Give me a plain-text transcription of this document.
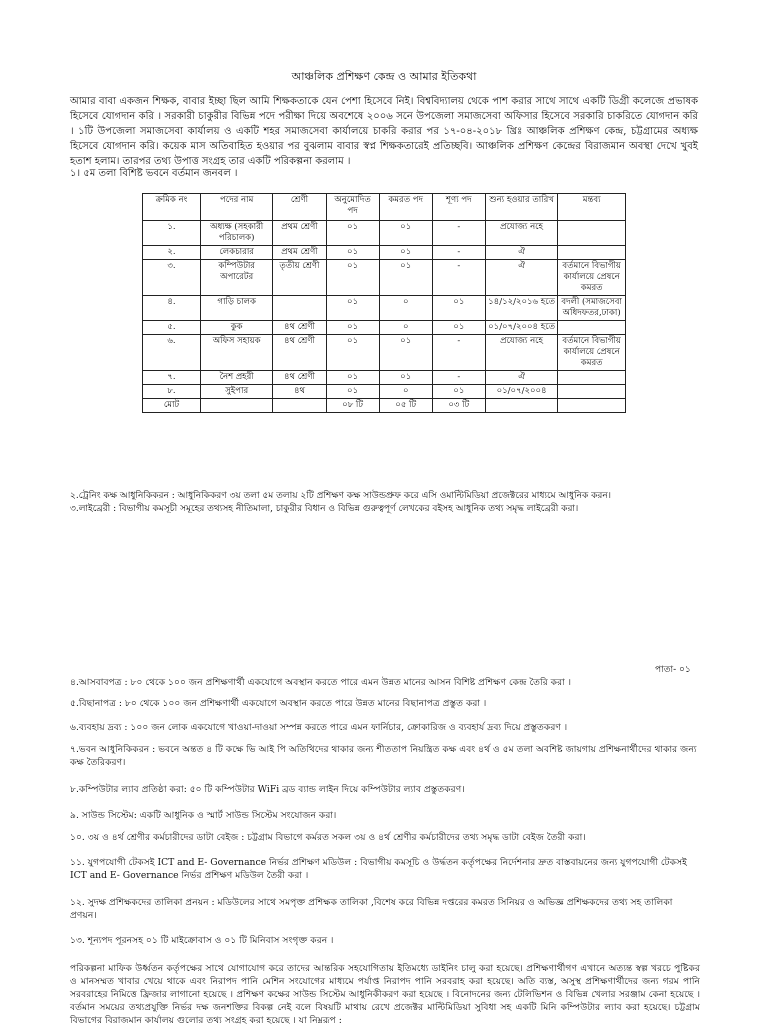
আঞ্চলিক প্রশিক্ষণ কেন্দ্র ও আমার ইতিকথা
আমার বাবা একজন শিক্ষক, বাবার ইচ্ছা ছিল আমি শিক্ষকতাকে যেন পেশা হিসেবে নিই। বিশ্ববিদ্যালয় থেকে পাশ করার সাথে সাথে একটি ডিগ্রী কলেজে প্রভাষক হিসেবে যোগদান করি । সরকারী চাকুরীর বিভিন্ন পদে পরীক্ষা দিয়ে অবশেষে ২০০৬ সনে উপজেলা সমাজসেবা অফিসার হিসেবে সরকারি চাকরিতে যোগদান করি । ১টি উপজেলা সমাজসেবা কার্যালয় ও একটি শহর সমাজসেবা কার্যালয়ে চাকরি করার পর ১৭-০৪-২০১৮ খ্রিঃ আঞ্চলিক প্রশিক্ষণ কেন্দ্র, চট্টগ্রামের অধ্যক্ষ হিসেবে যোগদান করি। কয়েক মাস অতিবাহিত হওয়ার পর বুঝলাম বাবার স্বপ্ন শিক্ষকতারেই প্রতিচ্ছবি। আঞ্চলিক প্রশিক্ষণ কেন্দ্রের বিরাজমান অবস্থা দেখে খুবই হতাশ হলাম। তারপর তথ্য উপাত্ত সংগ্রহ তার একটি পরিকল্পনা করলাম ।
১। ৫ম তলা বিশিষ্ট ভবনে বর্তমান জনবল ।
ক্রমিক নং	পদের নাম	শ্রেণী	অনুমোদিত পদ	কমরত পদ	শূণ্য পদ	শুন্য হওয়ার তারিখ	মন্তব্য
১.	অধ্যক্ষ (সহকারী পরিচালক)	প্রথম শ্রেণী	০১	০১	-	প্রযোজ্য নহে	
২.	লেকচারার	প্রথম শ্রেণী	০১	০১	-	ঐ	
৩.	কম্পিউটার অপারেটর	তৃতীয় শ্রেণী	০১	০১	-	ঐ	বর্তমানে বিভাগীয় কার্যালয়ে প্রেষনে কমরত
৪.	গাড়ি চালক		০১	০	০১	১৪/১২/২০১৬ হতে	বদলী (সমাজসেবা অধিদফতর,ঢাকা)
৫.	কুক	৪থ শ্রেণী	০১	০	০১	০১/০৭/২০০৪ হতে	
৬.	অফিস সহায়ক	৪থ শ্রেণী	০১	০১	-	প্রযোজ্য নহে	বর্তমানে বিভাগীয় কার্যালয়ে প্রেষনে কমরত
৭.	নৈশ প্রহরী	৪থ শ্রেণী	০১	০১	-	ঐ	
৮.	সুইপার	৪থ	০১	০	০১	০১/০৭/২০০৪	
মোট			০৮ টি	০৫ টি	০৩ টি		
২.ট্রেনিং কক্ষ আধুনিকিকরন : আধুনিকিকরণ ৩য় তলা ৫ম তলায় ২টি প্রশিক্ষণ কক্ষ সাউন্ডপ্রুফ করে এসি ওমাল্টিমিডিয়া প্রজেক্টরের মাধ্যমে আধুনিক করন।
৩.লাইব্রেরী : বিভাগীয় কমসূচী সমূহের তথ্যসহ নীতিমালা, চাকুরীর বিধান ও বিভিন্ন গুরুত্বপূর্ণ লেখকের বইসহ আধুনিক তথ্য সমৃদ্ধ লাইব্রেরী করা।
পাতা- ০১
৪.আসবাবপত্র : ৮০ থেকে ১০০ জন প্রশিক্ষণার্থী একযোগে অবস্থান করতে পারে এমন উন্নত মানের আসন বিশিষ্ট প্রশিক্ষণ কেন্দ্র তৈরি করা ।
৫.বিছানাপত্র : ৮০ থেকে ১০০ জন প্রশিক্ষণার্থী একযোগে অবস্থান করতে পারে উন্নত মানের বিছানাপত্র প্রস্তুত করা ।
৬.ব্যবহায় দ্রব্য : ১০০ জন লোক একযোগে খাওয়া-দাওয়া সম্পন্ন করতে পারে এমন ফার্নিচার, ক্রোকারিজ ও ব্যবহার্য দ্রব্য দিয়ে প্রস্তুতকরণ ।
৭.ভবন আধুনিকিকরন : ভবনে অন্তত ৪ টি কক্ষে ভি আই পি অতিথিদের থাকার জন্য শীততাপ নিয়ন্ত্রিত কক্ষ এবং ৪র্থ ও ৫ম তলা অবশিষ্ট জায়গায় প্রশিক্ষনার্থীদের থাকার জন্য কক্ষ তৈরিকরণ।
৮.কম্পিউটার ল্যাব প্রতিষ্ঠা করা: ৫০ টি কম্পিউটার WiFi ব্রড ব্যান্ড লাইন দিয়ে কম্পিউটার ল্যাব প্রস্তুতকরণ।
৯. সাউন্ড সিস্টেম: একটি আধুনিক ও স্মার্ট সাউন্ড সিস্টেম সংযোজন করা।
১০. ৩য় ও ৪র্থ শ্রেণীর কর্মচারীদের ডাটা বেইজ : চট্টগ্রাম বিভাগে কর্মরত সকল ৩য় ও ৪র্থ শ্রেণীর কর্মচারীদের তথ্য সমৃদ্ধ ডাটা বেইজ তৈরী করা।
১১. যুগপযোগী টেকসই ICT and E- Governance নির্ভর প্রশিক্ষণ মডিউল : বিভাগীয় কমসূচি ও উর্দ্ধতন কর্তৃপক্ষের নির্দেশনার দ্রুত বাস্তবায়নের জন্য যুগপযোগী টেকসই ICT and E- Governance নির্ভর প্রশিক্ষণ মডিউল তৈরী করা ।
১২. সুদক্ষ প্রশিক্ষকদের তালিকা প্রনয়ন : মডিউলের সাথে সমপৃক্ত প্রশিক্ষক তালিকা ,বিশেষ করে বিভিন্ন দপ্তরের কমরত সিনিয়র ও অভিজ্ঞ প্রশিক্ষকদের তথ্য সহ তালিকা প্রণয়ন।
১৩. শূন্যপদ পূরনসহ ০১ টি মাইক্রোবাস ও ০১ টি মিনিবাস সংগৃক্ত করন ।
পরিকল্পনা মাফিক উর্ধ্বতন কর্তৃপক্ষের সাথে যোগাযোগ করে তাদের আন্তরিক সহযোগিতায় ইতিমধ্যে ডাইনিং চালু করা হয়েছে। প্রশিক্ষণার্থীগণ এখানে অত্যন্ত স্বল্প খরচে পুষ্টিকর ও মানসম্মত খাবার খেয়ে থাকে এবং নিরাপদ পানি মেশিন সংযোগের মাধ্যমে পর্যাপ্ত নিরাপদ পানি সরবরাহ করা হয়েছে। অতি ব্যস্ত, অসুস্থ প্রশিক্ষণার্থীদের জন্য গরম পানি সরবরাহের নিমিত্তে ফ্রিজার লাগানো হয়েছে । প্রশিক্ষণ কক্ষের সাউন্ড সিস্টেম আধুনিকীকরণ করা হয়েছে । বিনোদনের জন্য টেলিভিশন ও বিভিন্ন খেলার সরঞ্জাম কেনা হয়েছে । বর্তমান সময়ের তথ্যপ্রযুক্তি নির্ভর দক্ষ জনশক্তির বিকল্প নেই বলে বিষয়টি মাথায় রেখে প্রজেক্টর মাল্টিমিডিয়া সুবিধা সহ একটি মিনি কম্পিউটার ল্যাব করা হয়েছে। চট্টগ্রাম বিভাগের বিরাজমান কার্যালয় গুলোর তথ্য সংগ্রহ করা হয়েছে । যা নিম্নরূপ :
